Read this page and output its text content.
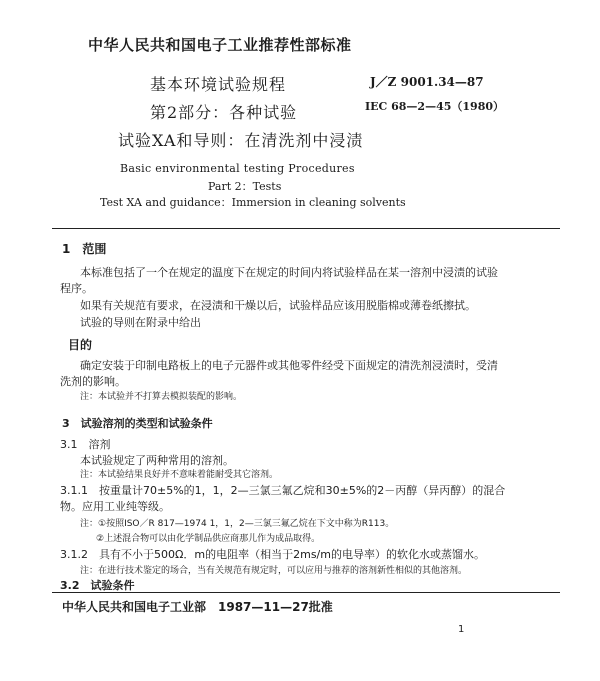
中华人民共和国电子工业推荐性部标准
基本环境试验规程
第2部分：各种试验
试验XA和导则：在清洗剂中浸渍
J／Z 9001.34—87
IEC 68—2—45（1980）
Basic environmental testing Procedures
Part 2：Tests
Test XA and guidance：Immersion in cleaning solvents
1　范围
本标准包括了一个在规定的温度下在规定的时间内将试验样品在某一溶剂中浸渍的试验
程序。
如果有关规范有要求，在浸渍和干燥以后，试验样品应该用脱脂棉或薄卷纸擦拭。
试验的导则在附录中给出
目的
确定安装于印制电路板上的电子元器件或其他零件经受下面规定的清洗剂浸渍时，受清
洗剂的影响。
注：本试验并不打算去模拟装配的影响。
3　试验溶剂的类型和试验条件
3.1　溶剂
本试验规定了两种常用的溶剂。
注：本试验结果良好并不意味着能耐受其它溶剂。
3.1.1　按重量计70±5%的1，1，2—三氯三氟乙烷和30±5%的2－丙醇（异丙醇）的混合
物。应用工业纯等级。
注：①按照ISO／R 817—1974 1，1，2—三氯三氟乙烷在下文中称为R113。
②上述混合物可以由化学制品供应商那儿作为成品取得。
3.1.2　具有不小于500Ω．m的电阻率（相当于2ms/m的电导率）的软化水或蒸馏水。
注：在进行技术鉴定的场合，当有关规范有规定时，可以应用与推荐的溶剂新性相似的其他溶剂。
3.2　试验条件
中华人民共和国电子工业部　1987—11—27批准
1
